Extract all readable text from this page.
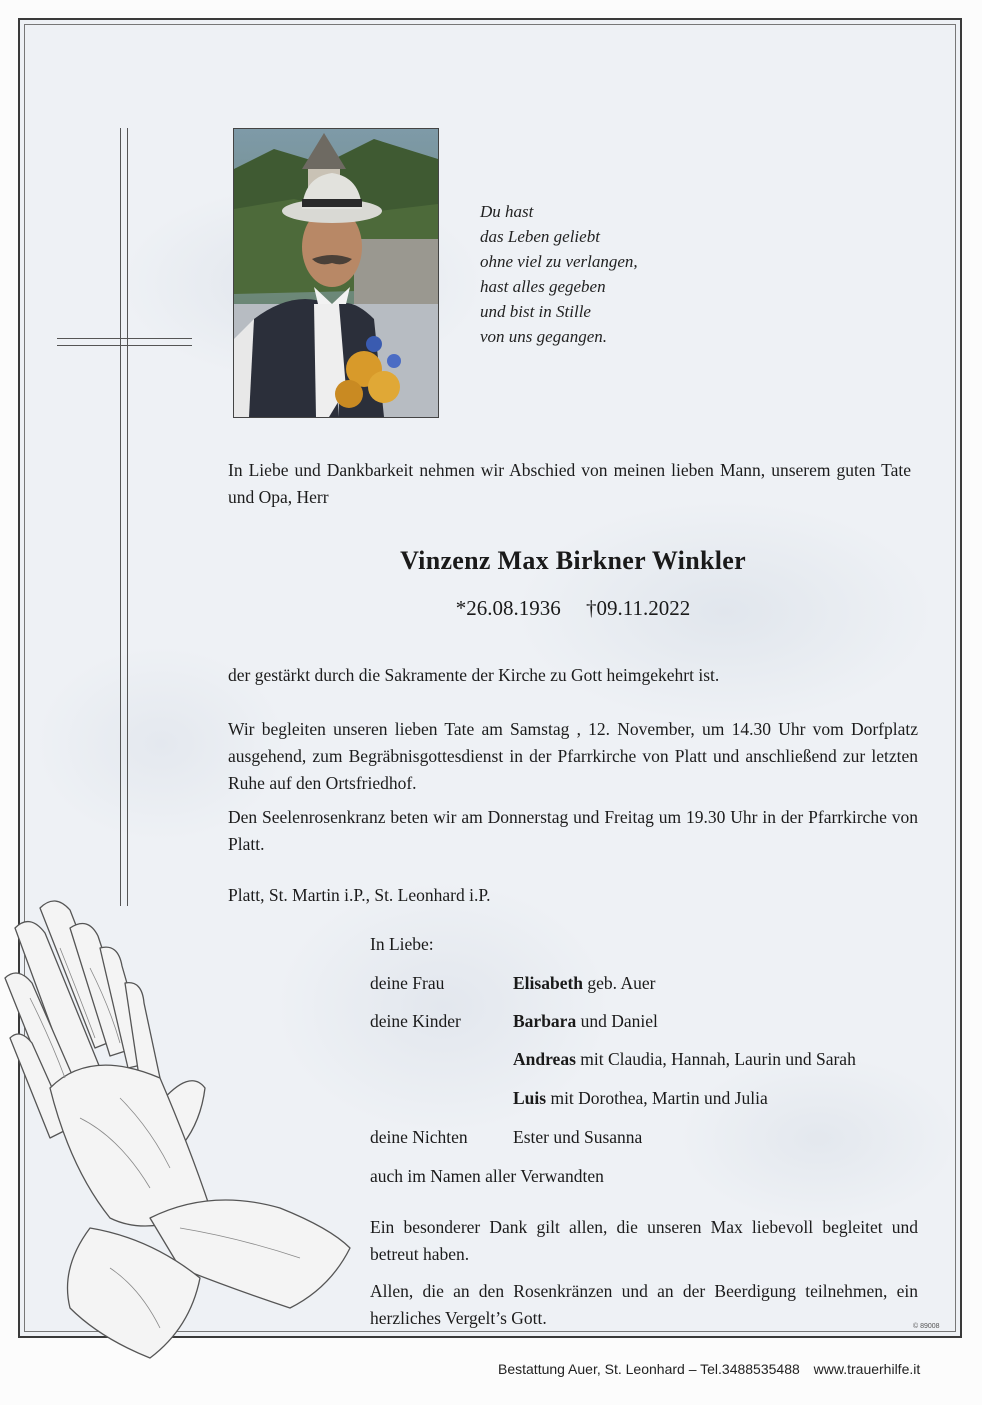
Du hast
das Leben geliebt
ohne viel zu verlangen,
hast alles gegeben
und bist in Stille
von uns gegangen.
In Liebe und Dankbarkeit nehmen wir Abschied von meinen lieben Mann, unserem guten Tate und Opa, Herr
Vinzenz Max Birkner Winkler
*26.08.1936 †09.11.2022
der gestärkt durch die Sakramente der Kirche zu Gott heimgekehrt ist.
Wir begleiten unseren lieben Tate am Samstag , 12. November, um 14.30 Uhr vom Dorfplatz ausgehend, zum Begräbnisgottesdienst in der Pfarrkirche von Platt und anschließend zur letzten Ruhe auf den Ortsfriedhof.
Den Seelenrosenkranz beten wir am Donnerstag und Freitag um 19.30 Uhr in der Pfarrkirche von Platt.
Platt, St. Martin i.P., St. Leonhard i.P.
In Liebe:
deine Frau	Elisabeth geb. Auer
deine Kinder	Barbara und Daniel
Andreas mit Claudia, Hannah, Laurin und Sarah
Luis mit Dorothea, Martin und Julia
deine Nichten	Ester und Susanna
auch im Namen aller Verwandten
Ein besonderer Dank gilt allen, die unseren Max liebevoll begleitet und betreut haben.
Allen, die an den Rosenkränzen und an der Beerdigung teilnehmen, ein herzliches Vergelt’s Gott.	© 89008
Bestattung Auer, St. Leonhard – Tel.3488535488 www.trauerhilfe.it
